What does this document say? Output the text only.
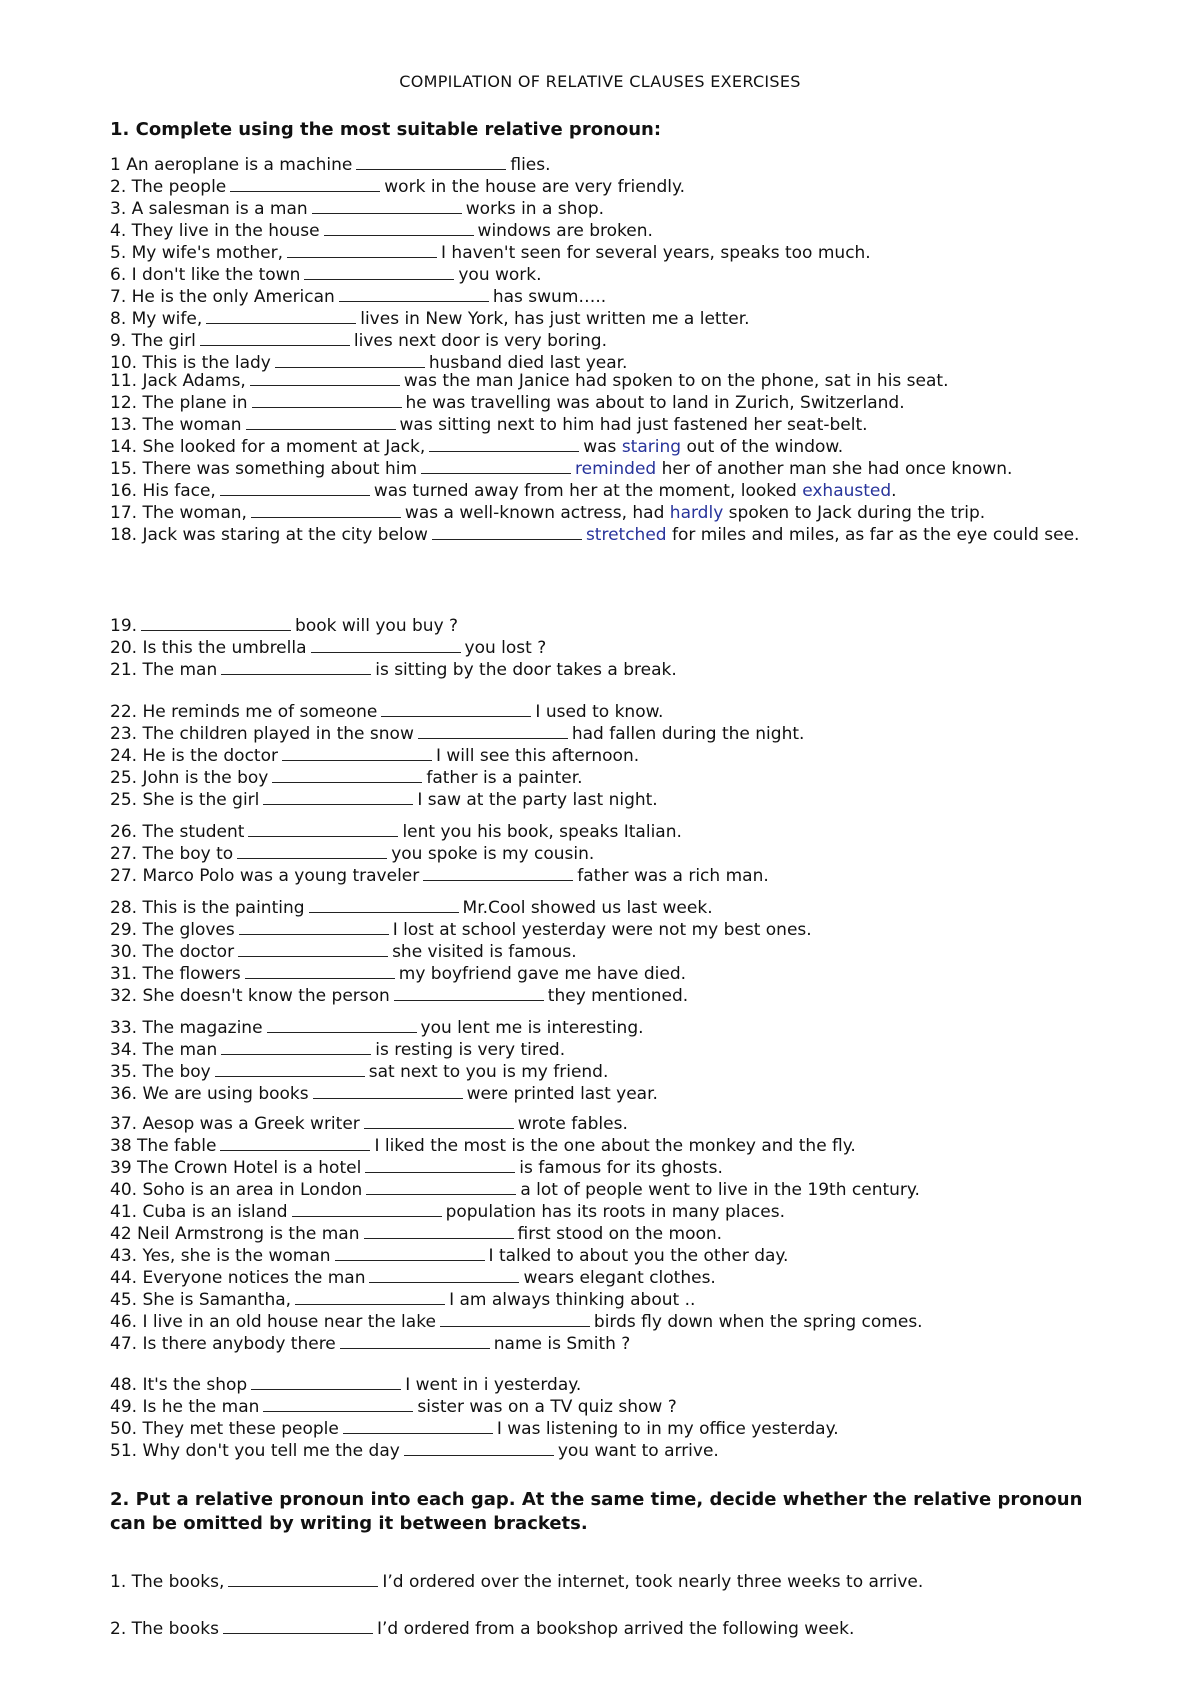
COMPILATION OF RELATIVE CLAUSES EXERCISES
1. Complete using the most suitable relative pronoun:
1 An aeroplane is a machine	flies.
2. The people	work in the house are very friendly.
3. A salesman is a man	works in a shop.
4. They live in the house	windows are broken.
5. My wife's mother,	I haven't seen for several years, speaks too much.
6. I don't like the town	you work.
7. He is the only American	has swum…..
8. My wife,	lives in New York, has just written me a letter.
9. The girl	lives next door is very boring.
10. This is the lady	husband died last year.
11. Jack Adams,	was the man Janice had spoken to on the phone, sat in his seat.
12. The plane in	he was travelling was about to land in Zurich, Switzerland.
13. The woman	was sitting next to him had just fastened her seat-belt.
14. She looked for a moment at Jack,	was staring out of the window.
15. There was something about him	reminded her of another man she had once known.
16. His face,	was turned away from her at the moment, looked exhausted.
17. The woman,	was a well-known actress, had hardly spoken to Jack during the trip.
18. Jack was staring at the city below	stretched for miles and miles, as far as the eye could see.
19.	book will you buy ?
20. Is this the umbrella	you lost ?
21. The man	is sitting by the door takes a break.
22. He reminds me of someone	I used to know.
23. The children played in the snow	had fallen during the night.
24. He is the doctor	I will see this afternoon.
25. John is the boy	father is a painter.
25. She is the girl	I saw at the party last night.
26. The student	lent you his book, speaks Italian.
27. The boy to	you spoke is my cousin.
27. Marco Polo was a young traveler	father was a rich man.
28. This is the painting	Mr.Cool showed us last week.
29. The gloves	I lost at school yesterday were not my best ones.
30. The doctor	she visited is famous.
31. The flowers	my boyfriend gave me have died.
32. She doesn't know the person	they mentioned.
33. The magazine	you lent me is interesting.
34. The man	is resting is very tired.
35. The boy	sat next to you is my friend.
36. We are using books	were printed last year.
37. Aesop was a Greek writer	wrote fables.
38 The fable	I liked the most is the one about the monkey and the fly.
39 The Crown Hotel is a hotel	is famous for its ghosts.
40. Soho is an area in London	a lot of people went to live in the 19th century.
41. Cuba is an island	population has its roots in many places.
42 Neil Armstrong is the man	first stood on the moon.
43. Yes, she is the woman	I talked to about you the other day.
44. Everyone notices the man	wears elegant clothes.
45. She is Samantha,	I am always thinking about ..
46. I live in an old house near the lake	birds fly down when the spring comes.
47. Is there anybody there	name is Smith ?
48. It's the shop	I went in i yesterday.
49. Is he the man	sister was on a TV quiz show ?
50. They met these people	I was listening to in my office yesterday.
51. Why don't you tell me the day	you want to arrive.
2. Put a relative pronoun into each gap. At the same time, decide whether the relative pronoun can be omitted by writing it between brackets.
1. The books,	I’d ordered over the internet, took nearly three weeks to arrive.
2. The books	I’d ordered from a bookshop arrived the following week.
